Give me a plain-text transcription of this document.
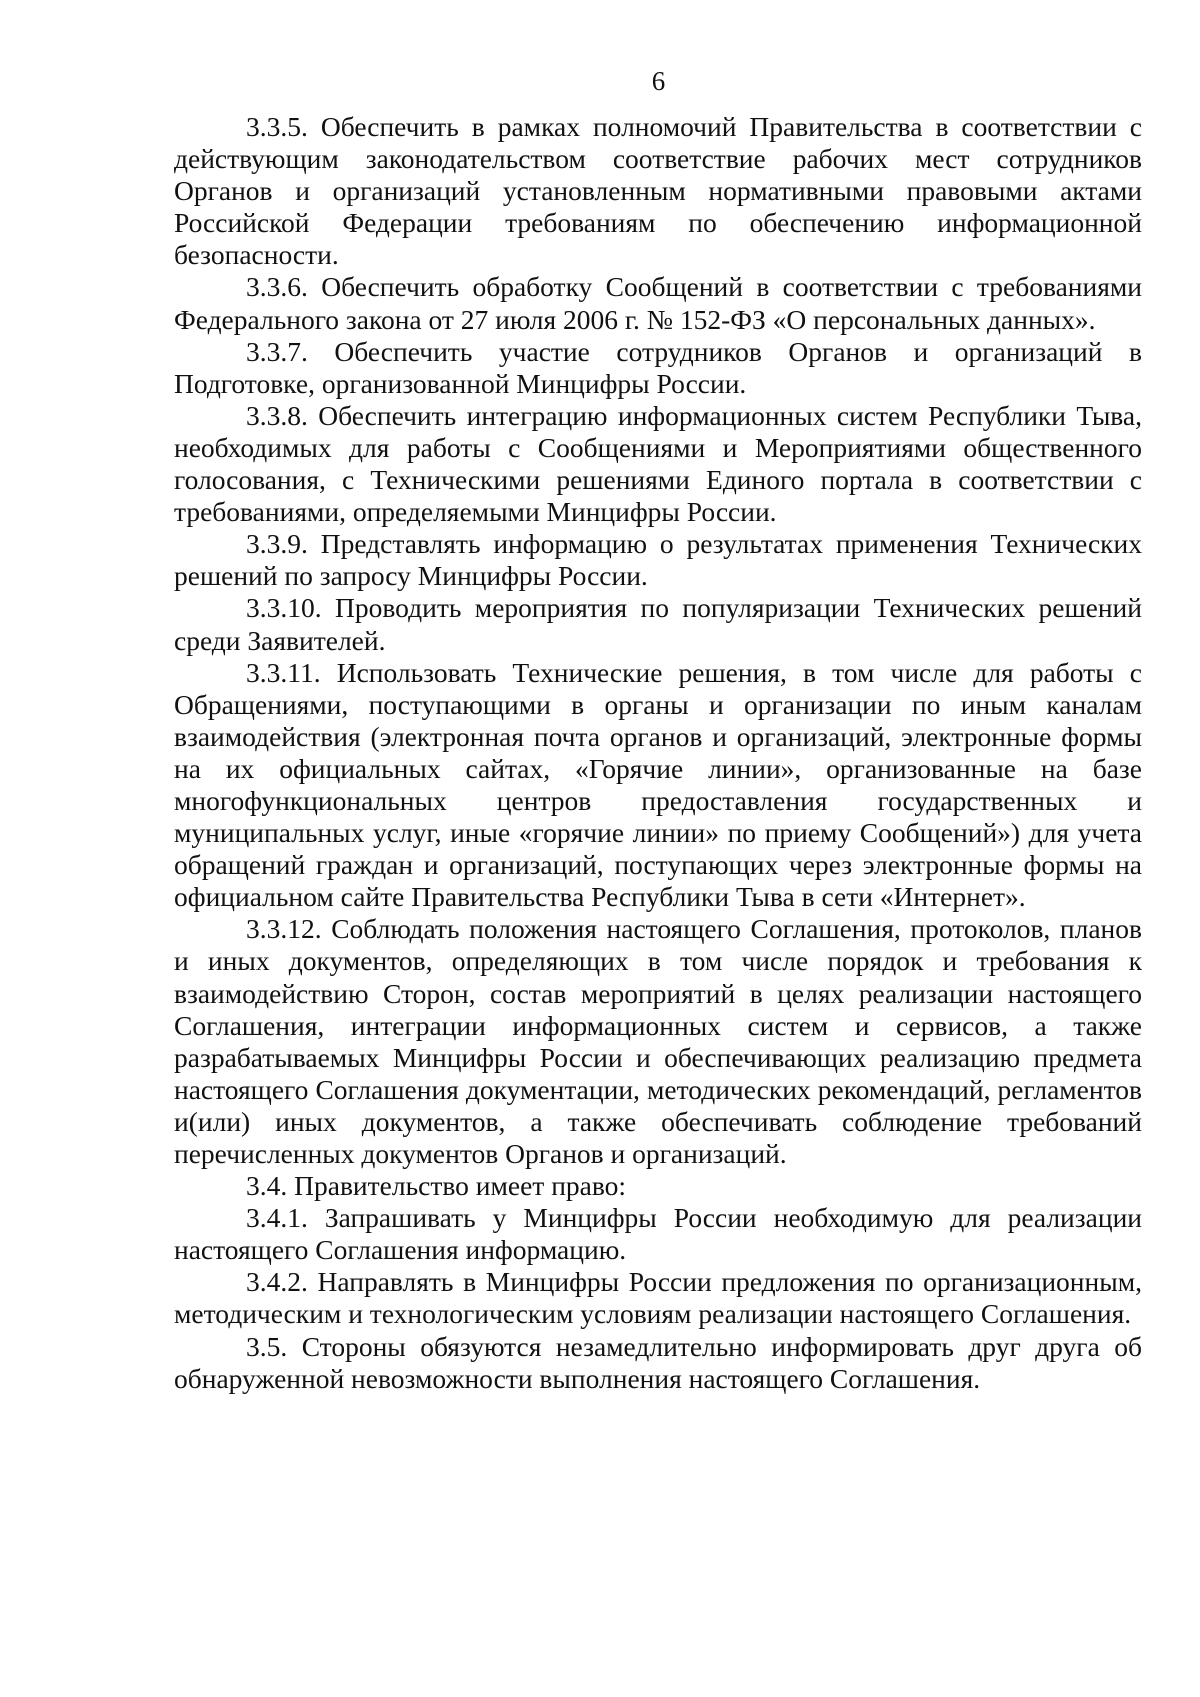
6

3.3.5. Обеспечить в рамках полномочий Правительства в соответствии с действующим законодательством соответствие рабочих мест сотрудников Органов и организаций установленным нормативными правовыми актами Российской Федерации требованиям по обеспечению информационной безопасности.

3.3.6. Обеспечить обработку Сообщений в соответствии с требованиями Федерального закона от 27 июля 2006 г. № 152-ФЗ «О персональных данных».

3.3.7. Обеспечить участие сотрудников Органов и организаций в Подготовке, организованной Минцифры России.

3.3.8. Обеспечить интеграцию информационных систем Республики Тыва, необходимых для работы с Сообщениями и Мероприятиями общественного голосования, с Техническими решениями Единого портала в соответствии с требованиями, определяемыми Минцифры России.

3.3.9. Представлять информацию о результатах применения Технических решений по запросу Минцифры России.

3.3.10. Проводить мероприятия по популяризации Технических решений среди Заявителей.

3.3.11. Использовать Технические решения, в том числе для работы с Обращениями, поступающими в органы и организации по иным каналам взаимодействия (электронная почта органов и организаций, электронные формы на их официальных сайтах, «Горячие линии», организованные на базе многофункциональных центров предоставления государственных и муниципальных услуг, иные «горячие линии» по приему Сообщений») для учета обращений граждан и организаций, поступающих через электронные формы на официальном сайте Правительства Республики Тыва в сети «Интернет».

3.3.12. Соблюдать положения настоящего Соглашения, протоколов, планов и иных документов, определяющих в том числе порядок и требования к взаимодействию Сторон, состав мероприятий в целях реализации настоящего Соглашения, интеграции информационных систем и сервисов, а также разрабатываемых Минцифры России и обеспечивающих реализацию предмета настоящего Соглашения документации, методических рекомендаций, регламентов и(или) иных документов, а также обеспечивать соблюдение требований перечисленных документов Органов и организаций.

3.4. Правительство имеет право:

3.4.1. Запрашивать у Минцифры России необходимую для реализации настоящего Соглашения информацию.

3.4.2. Направлять в Минцифры России предложения по организационным, методическим и технологическим условиям реализации настоящего Соглашения.

3.5. Стороны обязуются незамедлительно информировать друг друга об обнаруженной невозможности выполнения настоящего Соглашения.
